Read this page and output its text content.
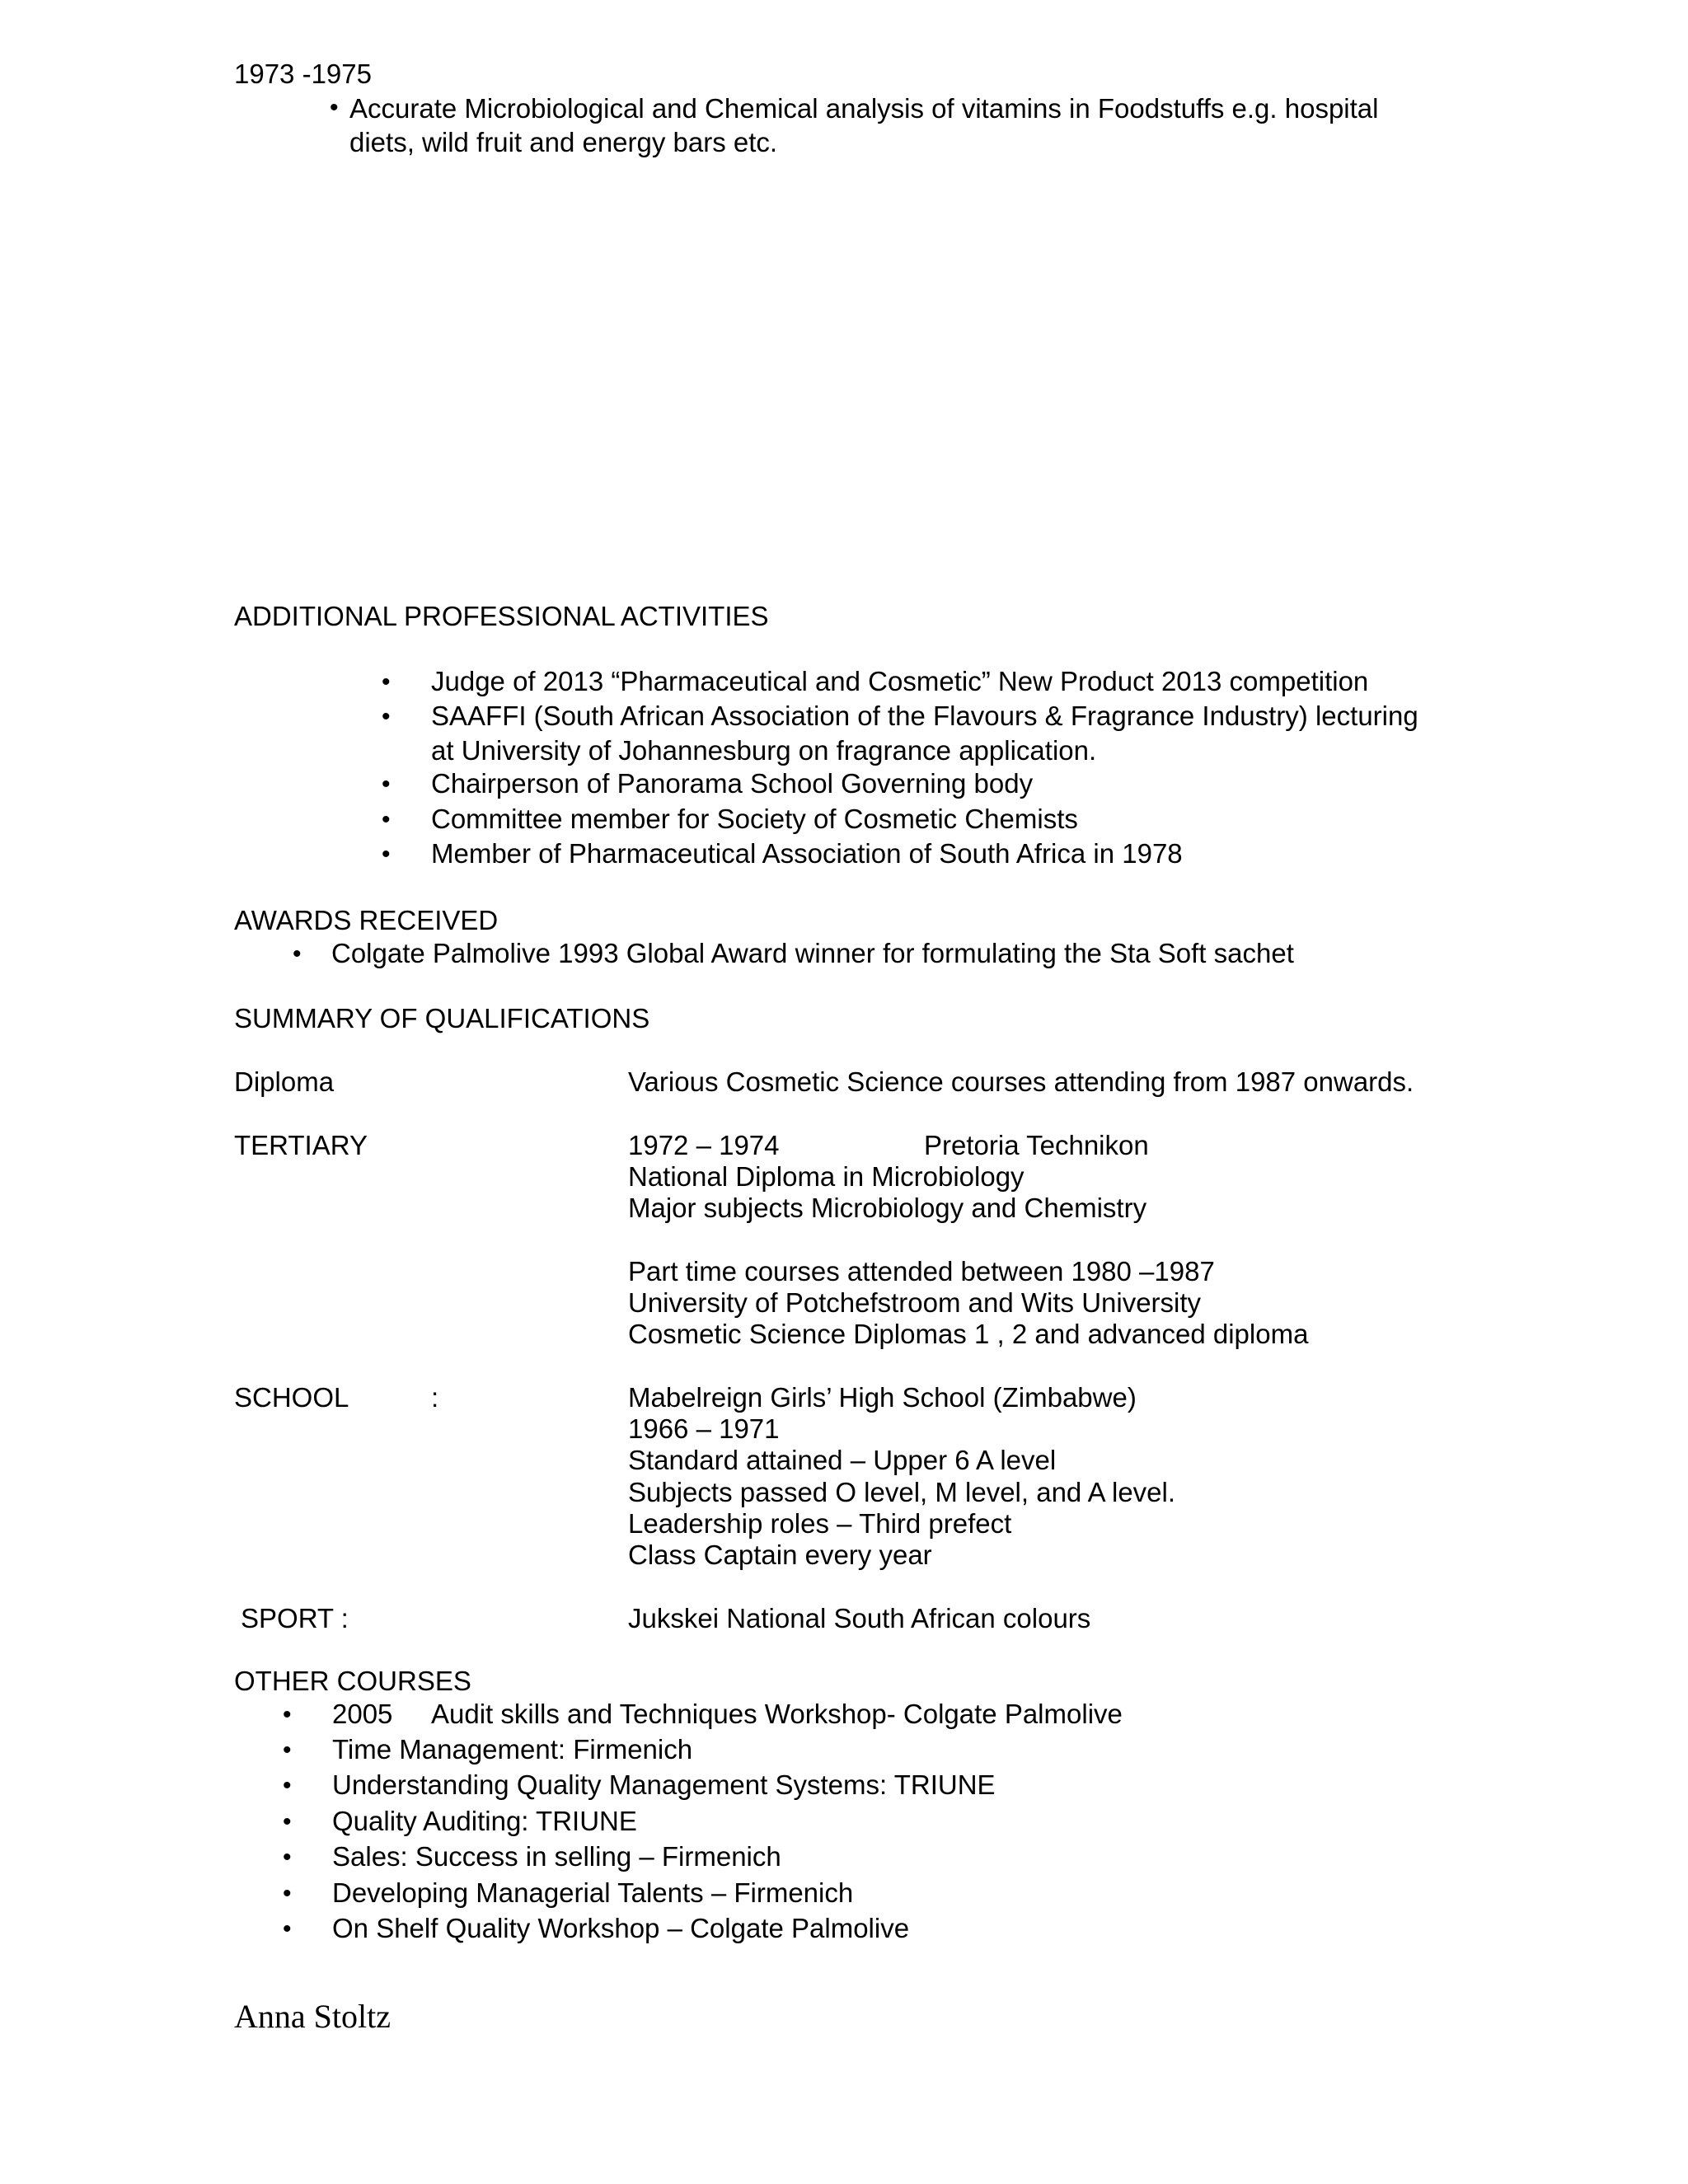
1973 -1975
• Accurate Microbiological and Chemical analysis of vitamins in Foodstuffs e.g. hospital
diets, wild fruit and energy bars etc.
ADDITIONAL PROFESSIONAL ACTIVITIES
• Judge of 2013 “Pharmaceutical and Cosmetic” New Product 2013 competition
• SAAFFI (South African Association of the Flavours & Fragrance Industry) lecturing
at University of Johannesburg on fragrance application.
• Chairperson of Panorama School Governing body
• Committee member for Society of Cosmetic Chemists
• Member of Pharmaceutical Association of South Africa in 1978
AWARDS RECEIVED
• Colgate Palmolive 1993 Global Award winner for formulating the Sta Soft sachet
SUMMARY OF QUALIFICATIONS
Diploma	Various Cosmetic Science courses attending from 1987 onwards.
TERTIARY	1972 – 1974	Pretoria Technikon
National Diploma in Microbiology
Major subjects Microbiology and Chemistry
Part time courses attended between 1980 –1987
University of Potchefstroom and Wits University
Cosmetic Science Diplomas 1 , 2 and advanced diploma
SCHOOL	:	Mabelreign Girls’ High School (Zimbabwe)
1966 – 1971
Standard attained – Upper 6 A level
Subjects passed O level, M level, and A level.
Leadership roles – Third prefect
Class Captain every year
SPORT :	Jukskei National South African colours
OTHER COURSES
• 2005 Audit skills and Techniques Workshop- Colgate Palmolive
• Time Management: Firmenich
• Understanding Quality Management Systems: TRIUNE
• Quality Auditing: TRIUNE
• Sales: Success in selling – Firmenich
• Developing Managerial Talents – Firmenich
• On Shelf Quality Workshop – Colgate Palmolive
Anna Stoltz
